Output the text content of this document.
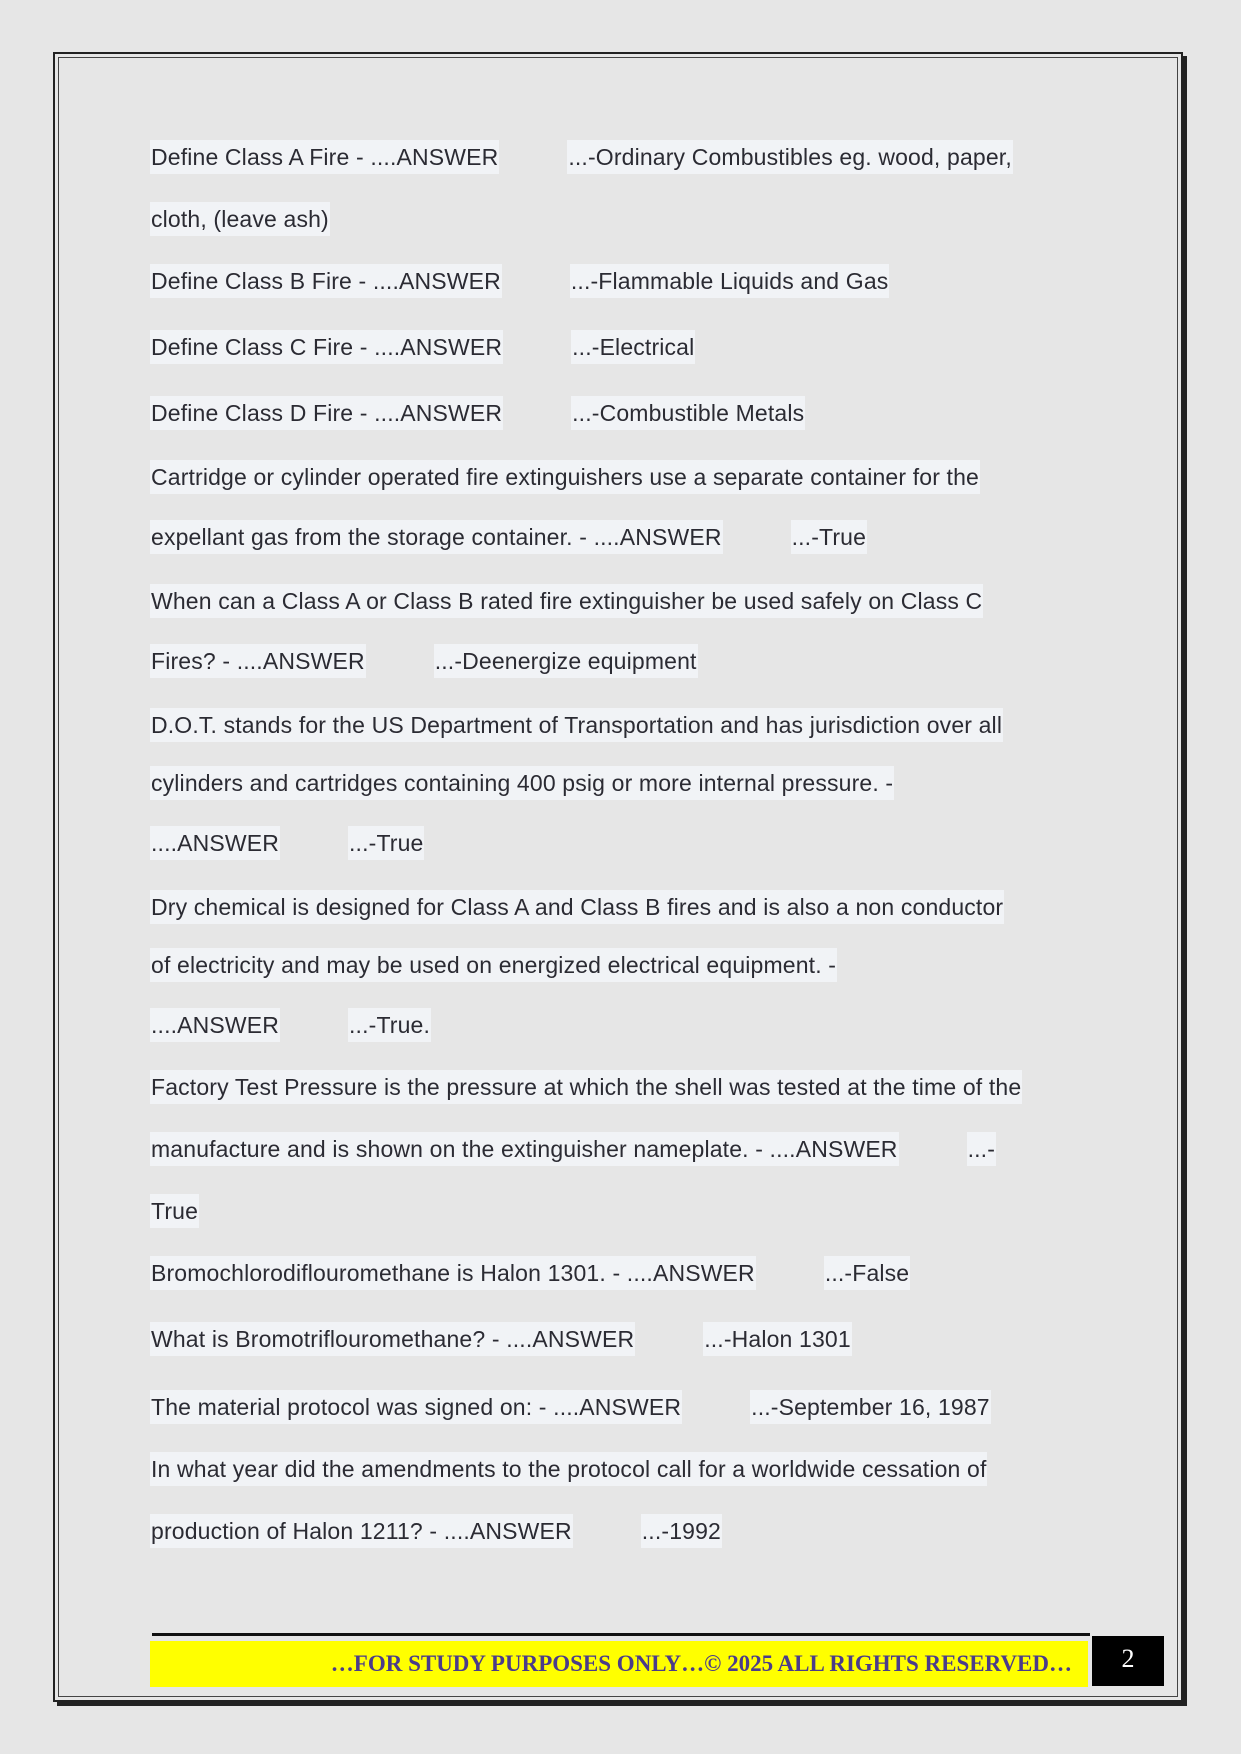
Define Class A Fire - ....ANSWER	...-Ordinary Combustibles eg. wood, paper,
cloth, (leave ash)
Define Class B Fire - ....ANSWER	...-Flammable Liquids and Gas
Define Class C Fire - ....ANSWER	...-Electrical
Define Class D Fire - ....ANSWER	...-Combustible Metals
Cartridge or cylinder operated fire extinguishers use a separate container for the
expellant gas from the storage container. - ....ANSWER	...-True
When can a Class A or Class B rated fire extinguisher be used safely on Class C
Fires? - ....ANSWER	...-Deenergize equipment
D.O.T. stands for the US Department of Transportation and has jurisdiction over all
cylinders and cartridges containing 400 psig or more internal pressure. -
....ANSWER	...-True
Dry chemical is designed for Class A and Class B fires and is also a non conductor
of electricity and may be used on energized electrical equipment. -
....ANSWER	...-True.
Factory Test Pressure is the pressure at which the shell was tested at the time of the
manufacture and is shown on the extinguisher nameplate. - ....ANSWER	...-
True
Bromochlorodiflouromethane is Halon 1301. - ....ANSWER	...-False
What is Bromotriflouromethane? - ....ANSWER	...-Halon 1301
The material protocol was signed on: - ....ANSWER	...-September 16, 1987
In what year did the amendments to the protocol call for a worldwide cessation of
production of Halon 1211? - ....ANSWER	...-1992
…FOR STUDY PURPOSES ONLY…© 2025 ALL RIGHTS RESERVED…	2
